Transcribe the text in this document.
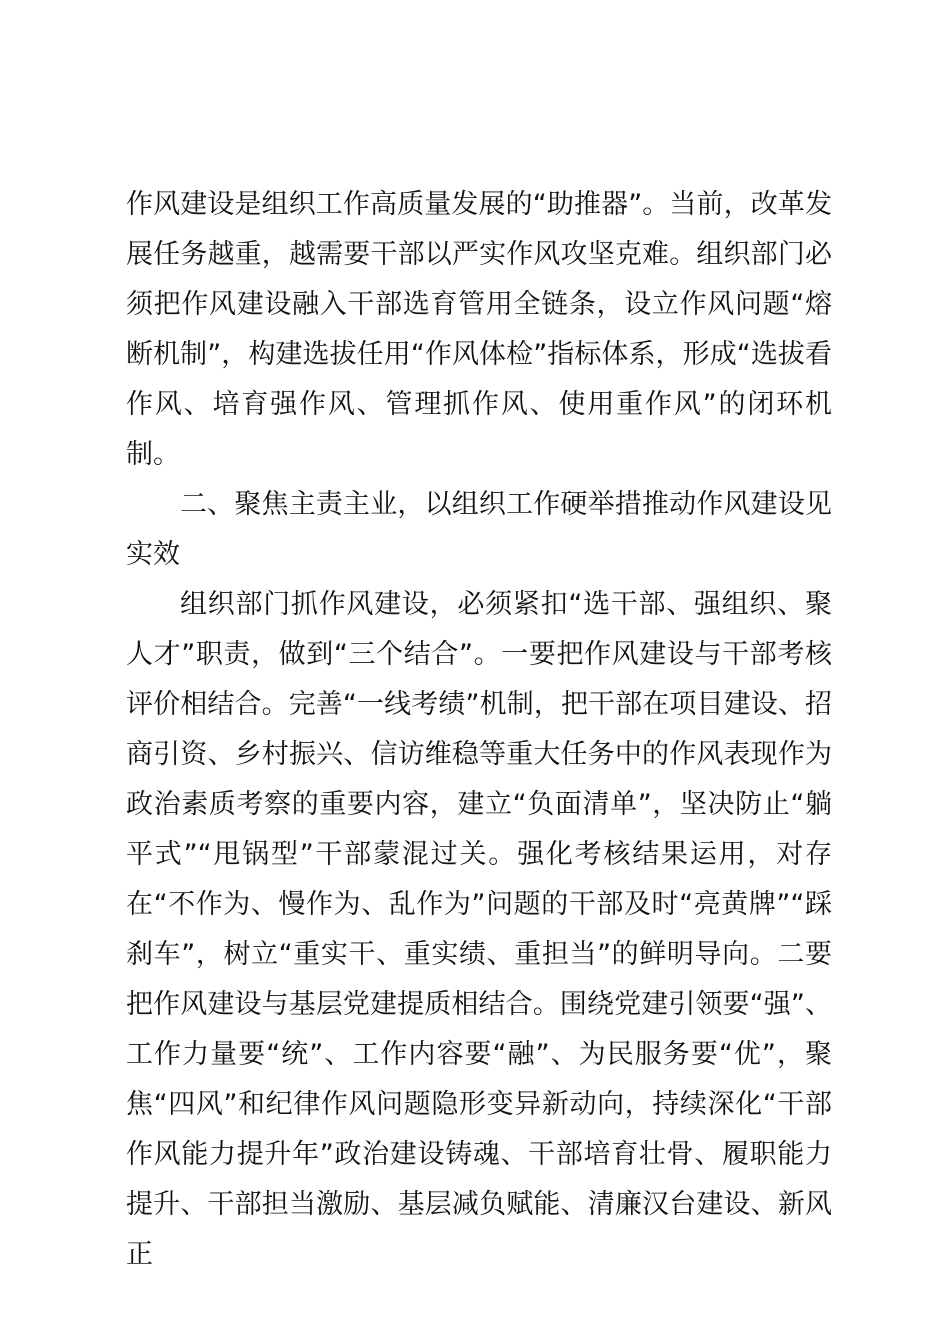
作风建设是组织工作高质量发展的“助推器”。当前，改革发展任务越重，越需要干部以严实作风攻坚克难。组织部门必须把作风建设融入干部选育管用全链条，设立作风问题“熔断机制”，构建选拔任用“作风体检”指标体系，形成“选拔看作风、培育强作风、管理抓作风、使用重作风”的闭环机制。

二、聚焦主责主业，以组织工作硬举措推动作风建设见实效

组织部门抓作风建设，必须紧扣“选干部、强组织、聚人才”职责，做到“三个结合”。一要把作风建设与干部考核评价相结合。完善“一线考绩”机制，把干部在项目建设、招商引资、乡村振兴、信访维稳等重大任务中的作风表现作为政治素质考察的重要内容，建立“负面清单”，坚决防止“躺平式”“甩锅型”干部蒙混过关。强化考核结果运用，对存在“不作为、慢作为、乱作为”问题的干部及时“亮黄牌”“踩刹车”，树立“重实干、重实绩、重担当”的鲜明导向。二要把作风建设与基层党建提质相结合。围绕党建引领要“强”、工作力量要“统”、工作内容要“融”、为民服务要“优”，聚焦“四风”和纪律作风问题隐形变异新动向，持续深化“干部作风能力提升年”政治建设铸魂、干部培育壮骨、履职能力提升、干部担当激励、基层减负赋能、清廉汉台建设、新风正
